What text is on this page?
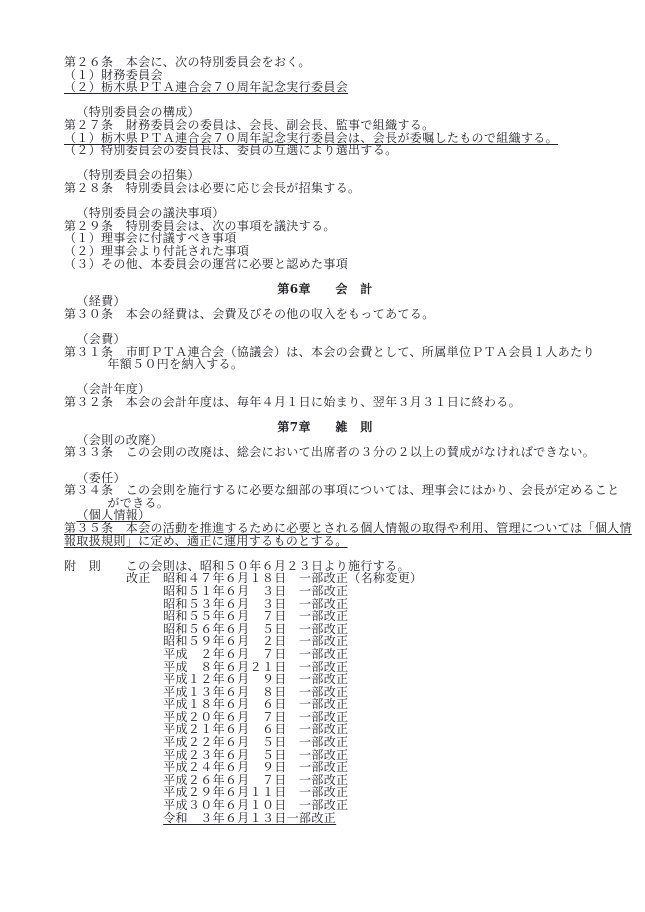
第２６条　本会に、次の特別委員会をおく。
（１）財務委員会
（２）栃木県ＰＴＡ連合会７０周年記念実行委員会
（特別委員会の構成）
第２７条　財務委員会の委員は、会長、副会長、監事で組織する。
（１）栃木県ＰＴＡ連合会７０周年記念実行委員会は、会長が委嘱したもので組織する。
（２）特別委員会の委員長は、委員の互選により選出する。
（特別委員会の招集）
第２８条　特別委員会は必要に応じ会長が招集する。
（特別委員会の議決事項）
第２９条　特別委員会は、次の事項を議決する。
（１）理事会に付議すべき事項
（２）理事会より付託された事項
（３）その他、本委員会の運営に必要と認めた事項
第6章　　会　計
（経費）
第３０条　本会の経費は、会費及びその他の収入をもってあてる。
（会費）
第３１条　市町ＰＴＡ連合会（協議会）は、本会の会費として、所属単位ＰＴＡ会員１人あたり
年額５０円を納入する。
（会計年度）
第３２条　本会の会計年度は、毎年４月１日に始まり、翌年３月３１日に終わる。
第7章　　雑　則
（会則の改廃）
第３３条　この会則の改廃は、総会において出席者の３分の２以上の賛成がなければできない。
（委任）
第３４条　この会則を施行するに必要な細部の事項については、理事会にはかり、会長が定めること
ができる。
（個人情報）
第３５条　本会の活動を推進するために必要とされる個人情報の取得や利用、管理については「個人情
報取扱規則」に定め、適正に運用するものとする。
附　則　　この会則は、昭和５０年６月２３日より施行する。
改正　昭和４７年６月１８日　一部改正（名称変更）
昭和５１年６月　３日　一部改正
昭和５３年６月　３日　一部改正
昭和５５年６月　７日　一部改正
昭和５６年６月　５日　一部改正
昭和５９年６月　２日　一部改正
平成　２年６月　７日　一部改正
平成　８年６月２１日　一部改正
平成１２年６月　９日　一部改正
平成１３年６月　８日　一部改正
平成１８年６月　６日　一部改正
平成２０年６月　７日　一部改正
平成２１年６月　６日　一部改正
平成２２年６月　５日　一部改正
平成２３年６月　５日　一部改正
平成２４年６月　９日　一部改正
平成２６年６月　７日　一部改正
平成２９年６月１１日　一部改正
平成３０年６月１０日　一部改正
令和　３年６月１３日一部改正
